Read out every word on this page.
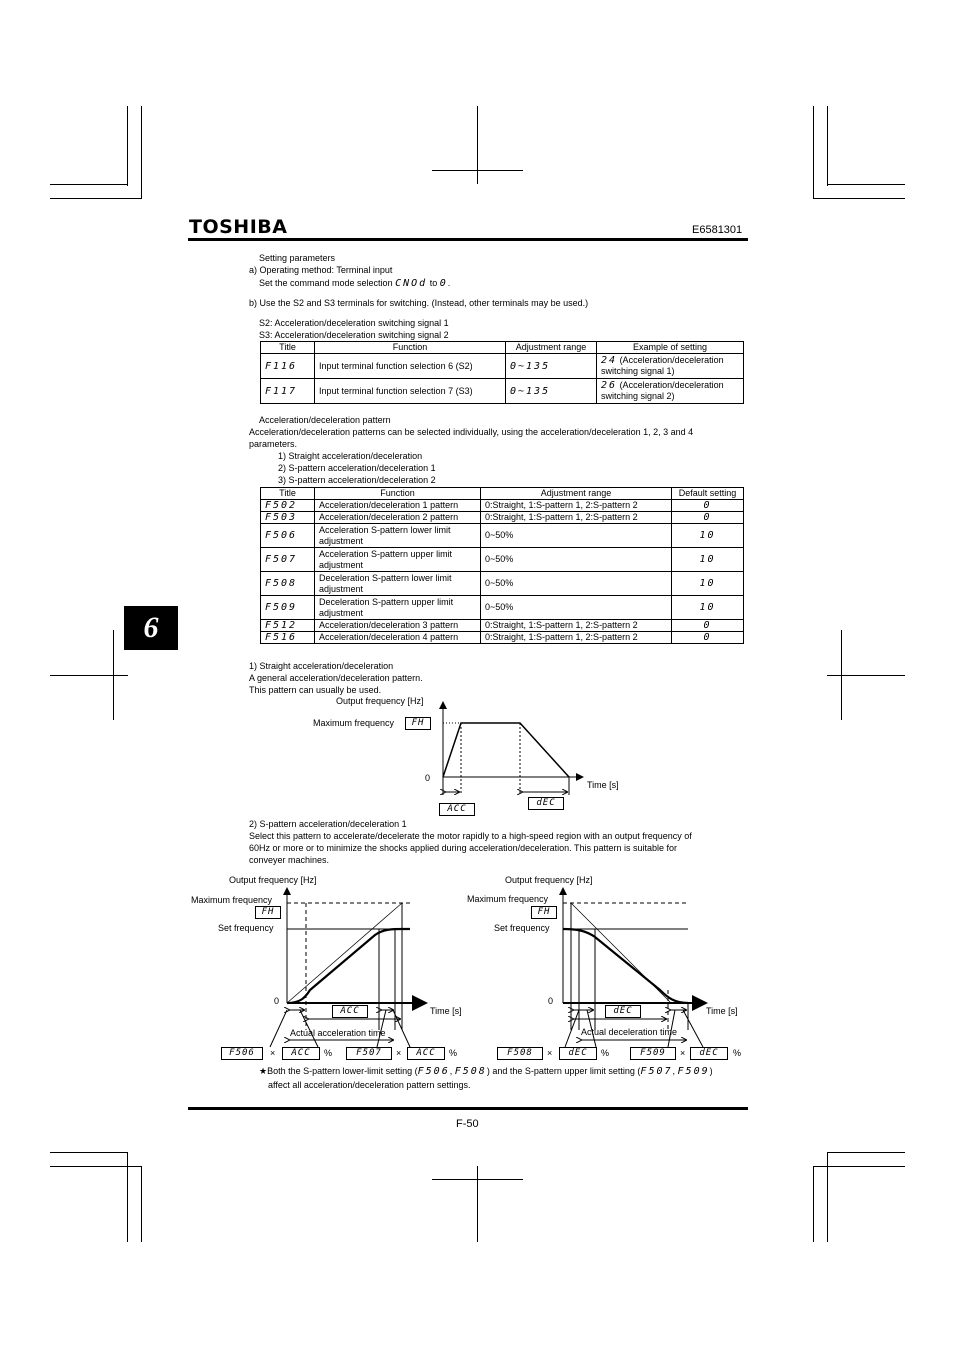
TOSHIBA	E6581301
6
Setting parameters
a) Operating method: Terminal input
Set the command mode selection CNOd to 0.
b) Use the S2 and S3 terminals for switching. (Instead, other terminals may be used.)
S2: Acceleration/deceleration switching signal 1
S3: Acceleration/deceleration switching signal 2
Title	Function	Adjustment range	Example of setting
F116	Input terminal function selection 6 (S2)	0~135	24 (Acceleration/deceleration
switching signal 1)
F117	Input terminal function selection 7 (S3)	0~135	26 (Acceleration/deceleration
switching signal 2)
Acceleration/deceleration pattern
Acceleration/deceleration patterns can be selected individually, using the acceleration/deceleration 1, 2, 3 and 4
parameters.
1) Straight acceleration/deceleration
2) S-pattern acceleration/deceleration 1
3) S-pattern acceleration/deceleration 2
Title	Function	Adjustment range	Default setting
F502	Acceleration/deceleration 1 pattern	0:Straight, 1:S-pattern 1, 2:S-pattern 2	0
F503	Acceleration/deceleration 2 pattern	0:Straight, 1:S-pattern 1, 2:S-pattern 2	0
F506	Acceleration S-pattern lower limit
adjustment	0~50%	10
F507	Acceleration S-pattern upper limit
adjustment	0~50%	10
F508	Deceleration S-pattern lower limit
adjustment	0~50%	10
F509	Deceleration S-pattern upper limit
adjustment	0~50%	10
F512	Acceleration/deceleration 3 pattern	0:Straight, 1:S-pattern 1, 2:S-pattern 2	0
F516	Acceleration/deceleration 4 pattern	0:Straight, 1:S-pattern 1, 2:S-pattern 2	0
1) Straight acceleration/deceleration
A general acceleration/deceleration pattern.
This pattern can usually be used.
Output frequency [Hz]
Maximum frequency	FH
0
Time [s]
ACC
dEC
2) S-pattern acceleration/deceleration 1
Select this pattern to accelerate/decelerate the motor rapidly to a high-speed region with an output frequency of
60Hz or more or to minimize the shocks applied during acceleration/deceleration. This pattern is suitable for
conveyer machines.
Output frequency [Hz]
Maximum frequency
FH
Set frequency
0
Time [s]
ACC
Actual acceleration time
F506	×	ACC	%	F507	×	ACC	%
Output frequency [Hz]
Maximum frequency
FH
Set frequency
0
Time [s]
dEC
Actual deceleration time
F508	×	dEC	%	F509	×	dEC	%
★Both the S-pattern lower-limit setting (F506, F508) and the S-pattern upper limit setting (F507, F509)
affect all acceleration/deceleration pattern settings.
F-50
